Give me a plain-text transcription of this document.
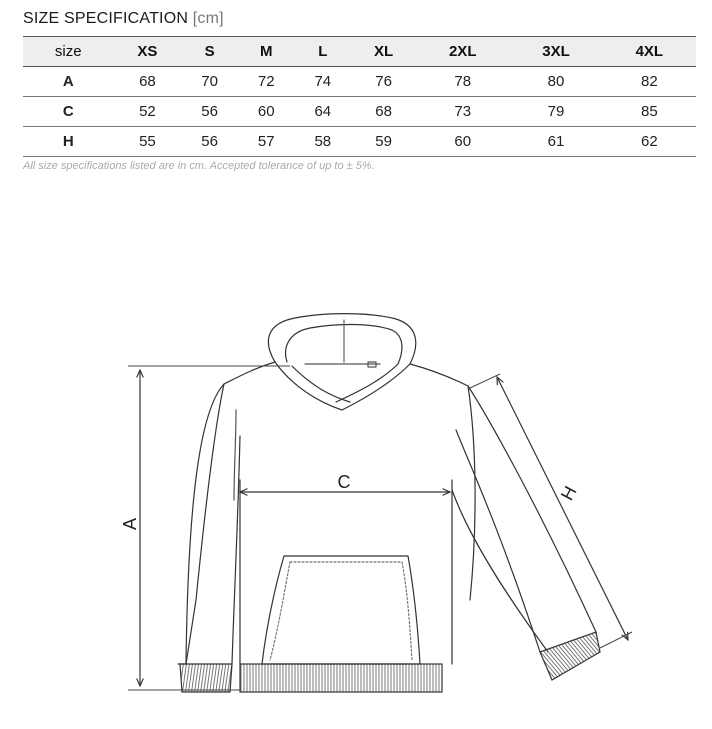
SIZE SPECIFICATION [cm]
size	XS	S	M	L	XL	2XL	3XL	4XL
A	68	70	72	74	76	78	80	82
C	52	56	60	64	68	73	79	85
H	55	56	57	58	59	60	61	62
All size specifications listed are in cm. Accepted tolerance of up to ± 5%.
A
C
H
